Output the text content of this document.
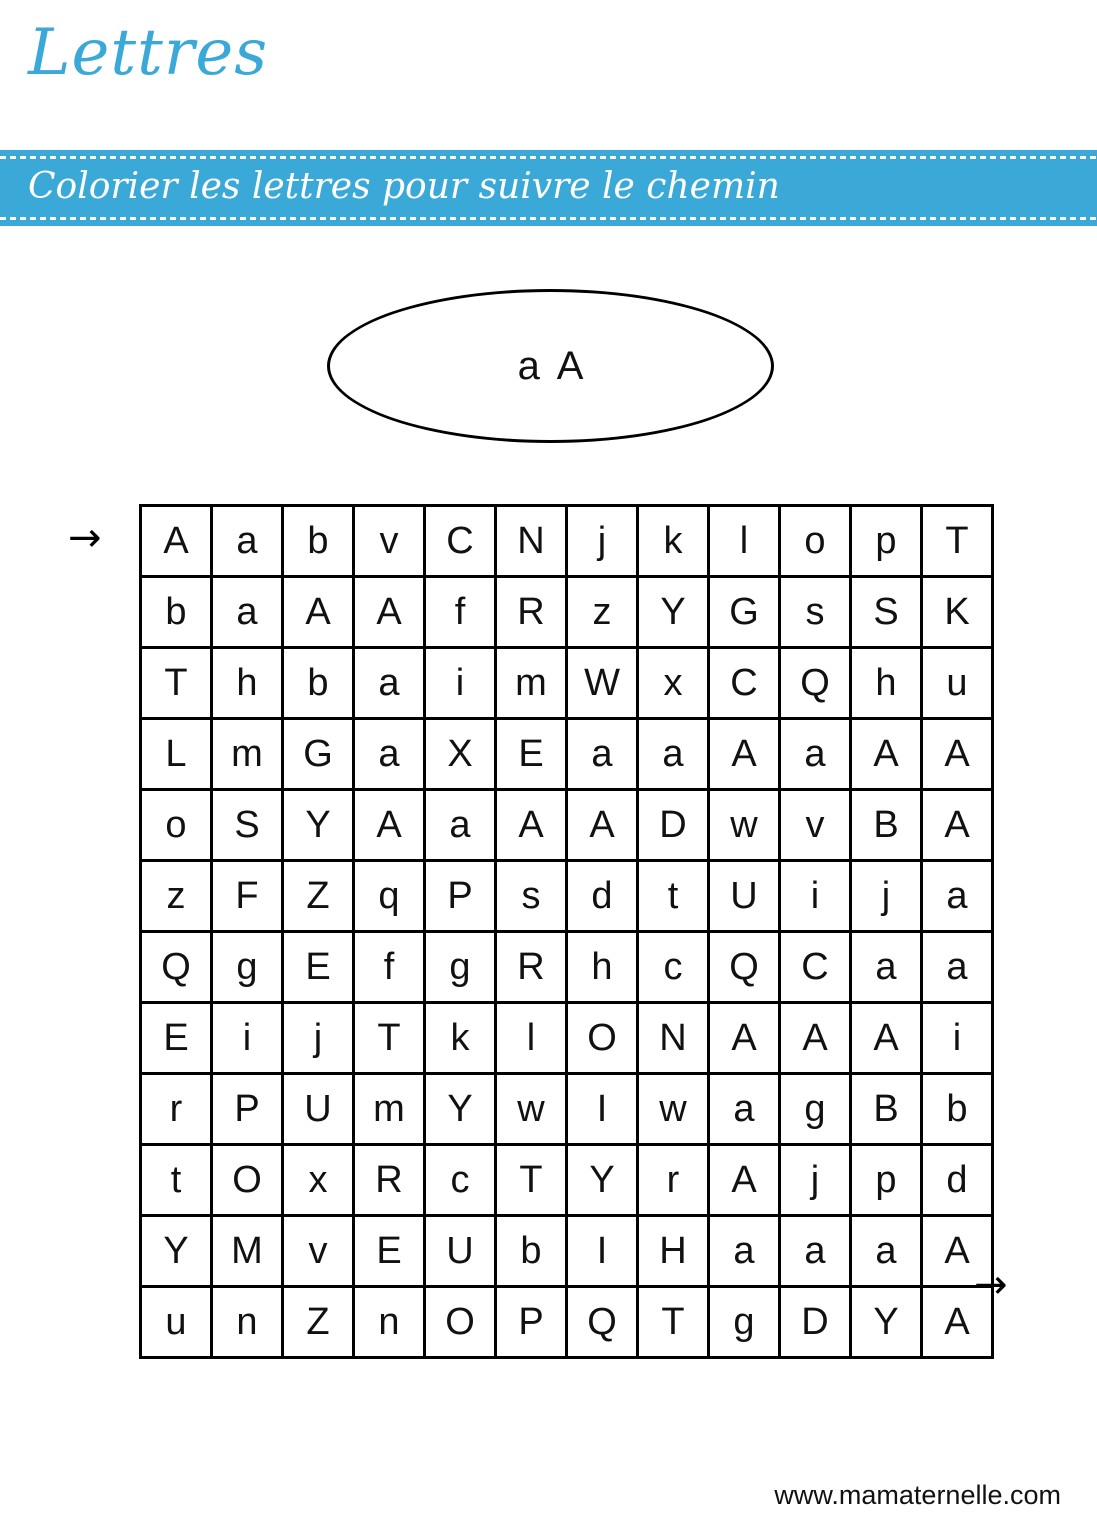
Lettres
Colorier les lettres pour suivre le chemin
a A
→ A	a	b	v	C	N	j	k	l	o	p	T
b	a	A	A	f	R	z	Y	G	s	S	K
T	h	b	a	i	m	W	x	C	Q	h	u
L	m	G	a	X	E	a	a	A	a	A	A
o	S	Y	A	a	A	A	D	w	v	B	A
z	F	Z	q	P	s	d	t	U	i	j	a
Q	g	E	f	g	R	h	c	Q	C	a	a
E	i	j	T	k	l	O	N	A	A	A	i
r	P	U	m	Y	w	I	w	a	g	B	b
t	O	x	R	c	T	Y	r	A	j	p	d
Y	M	v	E	U	b	I	H	a	a	a	A
u	n	Z	n	O	P	Q	T	g	D	Y	A
→
www.mamaternelle.com
